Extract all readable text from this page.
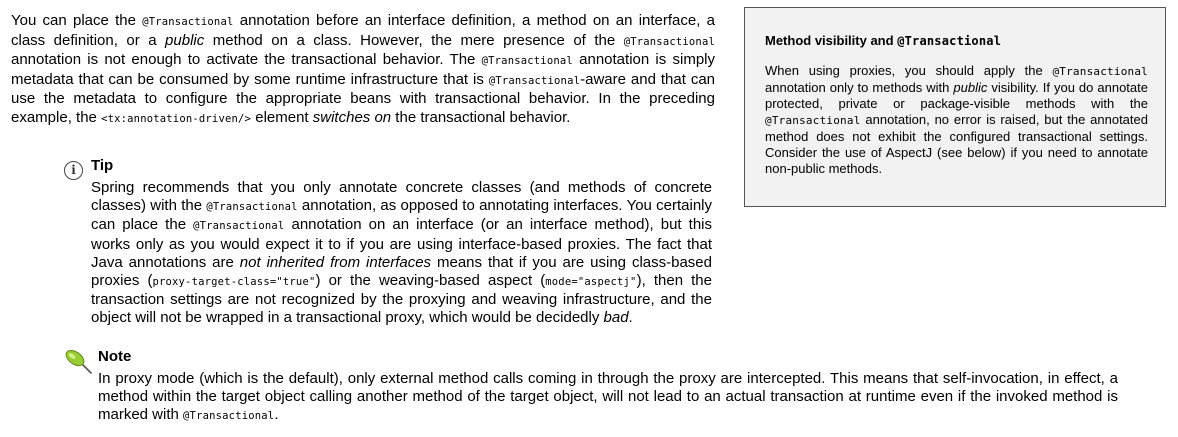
You can place the @Transactional annotation before an interface definition, a method on an interface, a class definition, or a public method on a class. However, the mere presence of the @Transactional annotation is not enough to activate the transactional behavior. The @Transactional annotation is simply metadata that can be consumed by some runtime infrastructure that is @Transactional-aware and that can use the metadata to configure the appropriate beans with transactional behavior. In the preceding example, the <tx:annotation-driven/> element switches on the transactional behavior.
i	Tip
Spring recommends that you only annotate concrete classes (and methods of concrete classes) with the @Transactional annotation, as opposed to annotating interfaces. You certainly can place the @Transactional annotation on an interface (or an interface method), but this works only as you would expect it to if you are using interface-based proxies. The fact that Java annotations are not inherited from interfaces means that if you are using class-based proxies (proxy-target-class="true") or the weaving-based aspect (mode="aspectj"), then the transaction settings are not recognized by the proxying and weaving infrastructure, and the object will not be wrapped in a transactional proxy, which would be decidedly bad.
Note
In proxy mode (which is the default), only external method calls coming in through the proxy are intercepted. This means that self-invocation, in effect, a method within the target object calling another method of the target object, will not lead to an actual transaction at runtime even if the invoked method is marked with @Transactional.
Method visibility and @Transactional
When using proxies, you should apply the @Transactional annotation only to methods with public visibility. If you do annotate protected, private or package-visible methods with the @Transactional annotation, no error is raised, but the annotated method does not exhibit the configured transactional settings. Consider the use of AspectJ (see below) if you need to annotate non-public methods.
